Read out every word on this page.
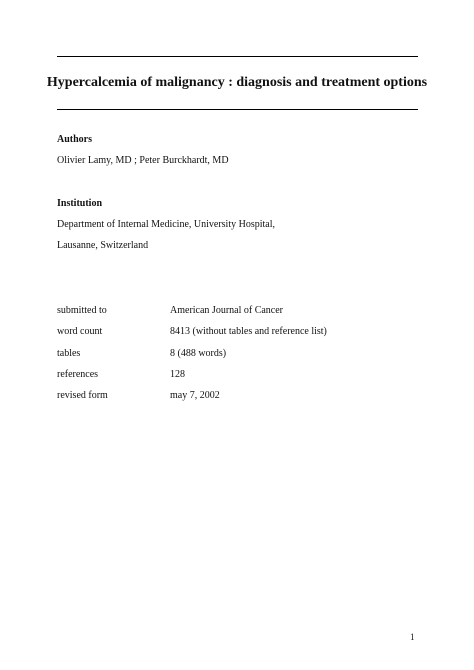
Hypercalcemia of malignancy : diagnosis and treatment options
Authors
Olivier Lamy, MD ; Peter Burckhardt, MD
Institution
Department of Internal Medicine, University Hospital,
Lausanne, Switzerland
submitted to	American Journal of Cancer
word count	8413 (without tables and reference list)
tables	8 (488 words)
references	128
revised form	may 7, 2002
1
